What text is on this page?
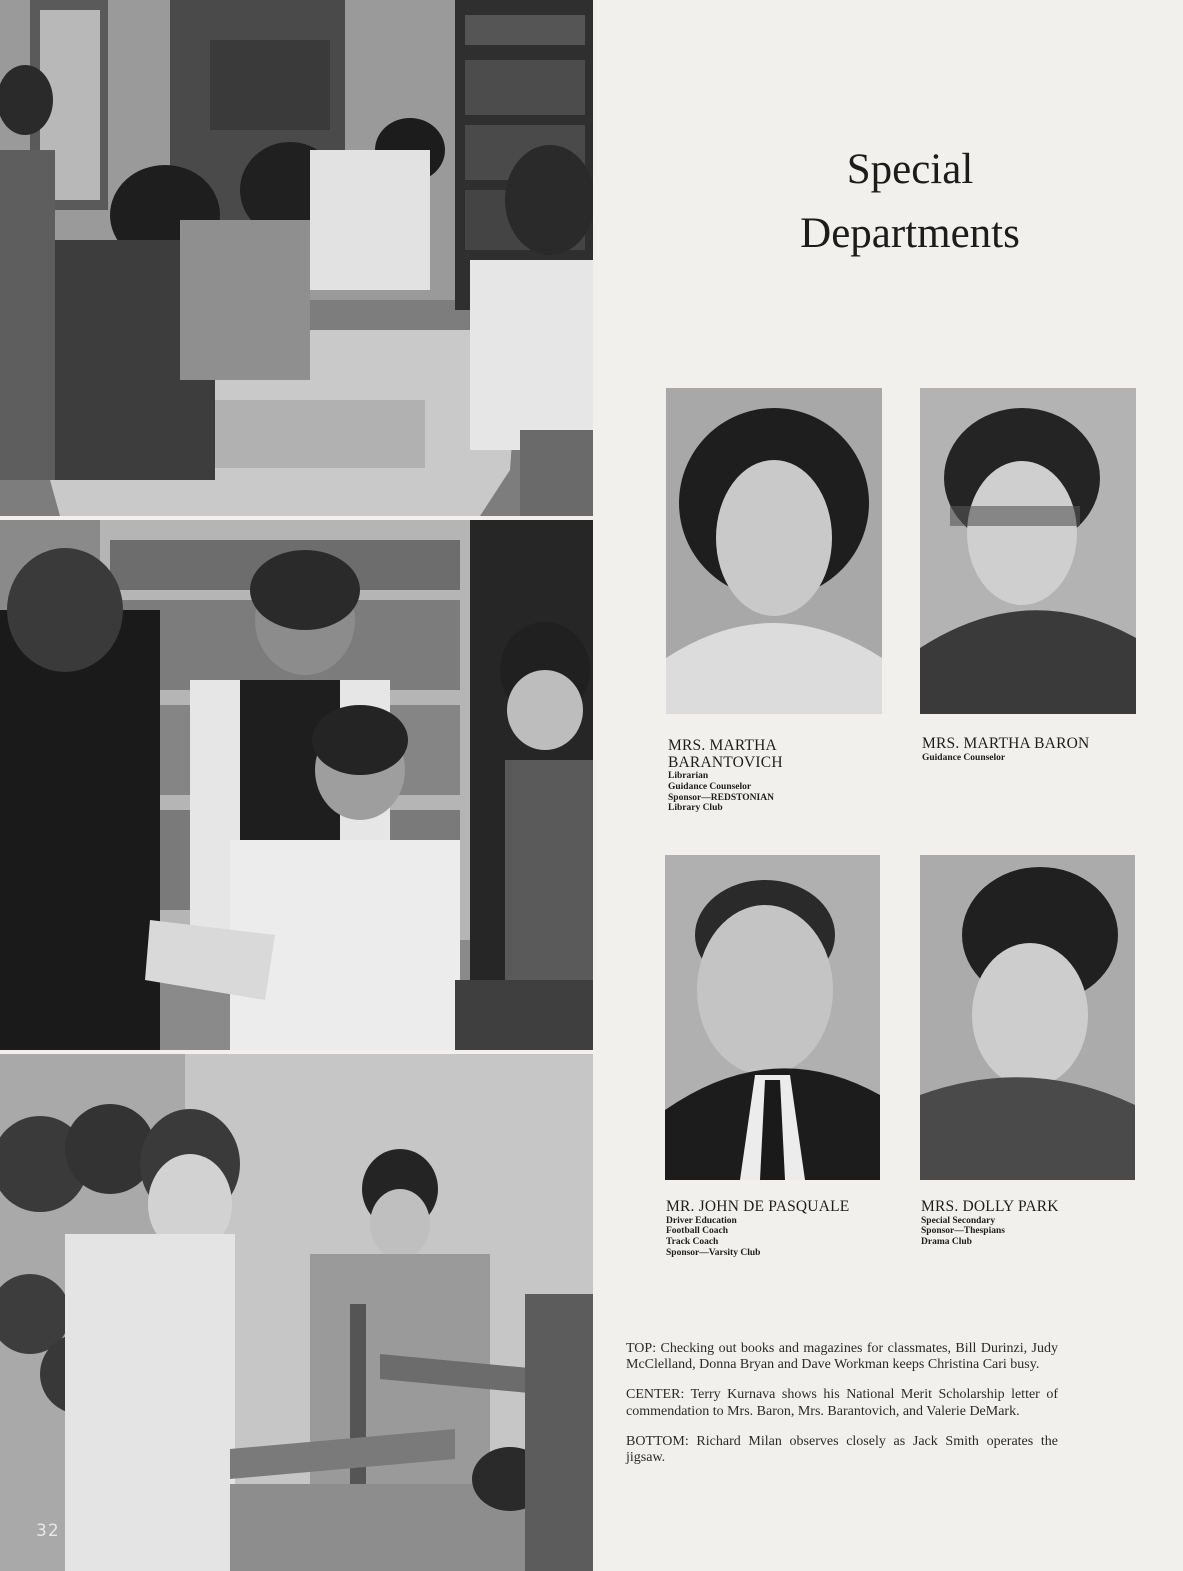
32
Special
Departments
MRS. MARTHA
BARANTOVICH
Librarian
Guidance Counselor
Sponsor—REDSTONIAN
Library Club
MRS. MARTHA BARON
Guidance Counselor
MR. JOHN DE PASQUALE
Driver Education
Football Coach
Track Coach
Sponsor—Varsity Club
MRS. DOLLY PARK
Special Secondary
Sponsor—Thespians
Drama Club

TOP: Checking out books and magazines for classmates, Bill Durinzi, Judy McClelland, Donna Bryan and Dave Workman keeps Christina Cari busy.

CENTER: Terry Kurnava shows his National Merit Scholarship letter of commendation to Mrs. Baron, Mrs. Barantovich, and Valerie DeMark.

BOTTOM: Richard Milan observes closely as Jack Smith operates the jigsaw.
